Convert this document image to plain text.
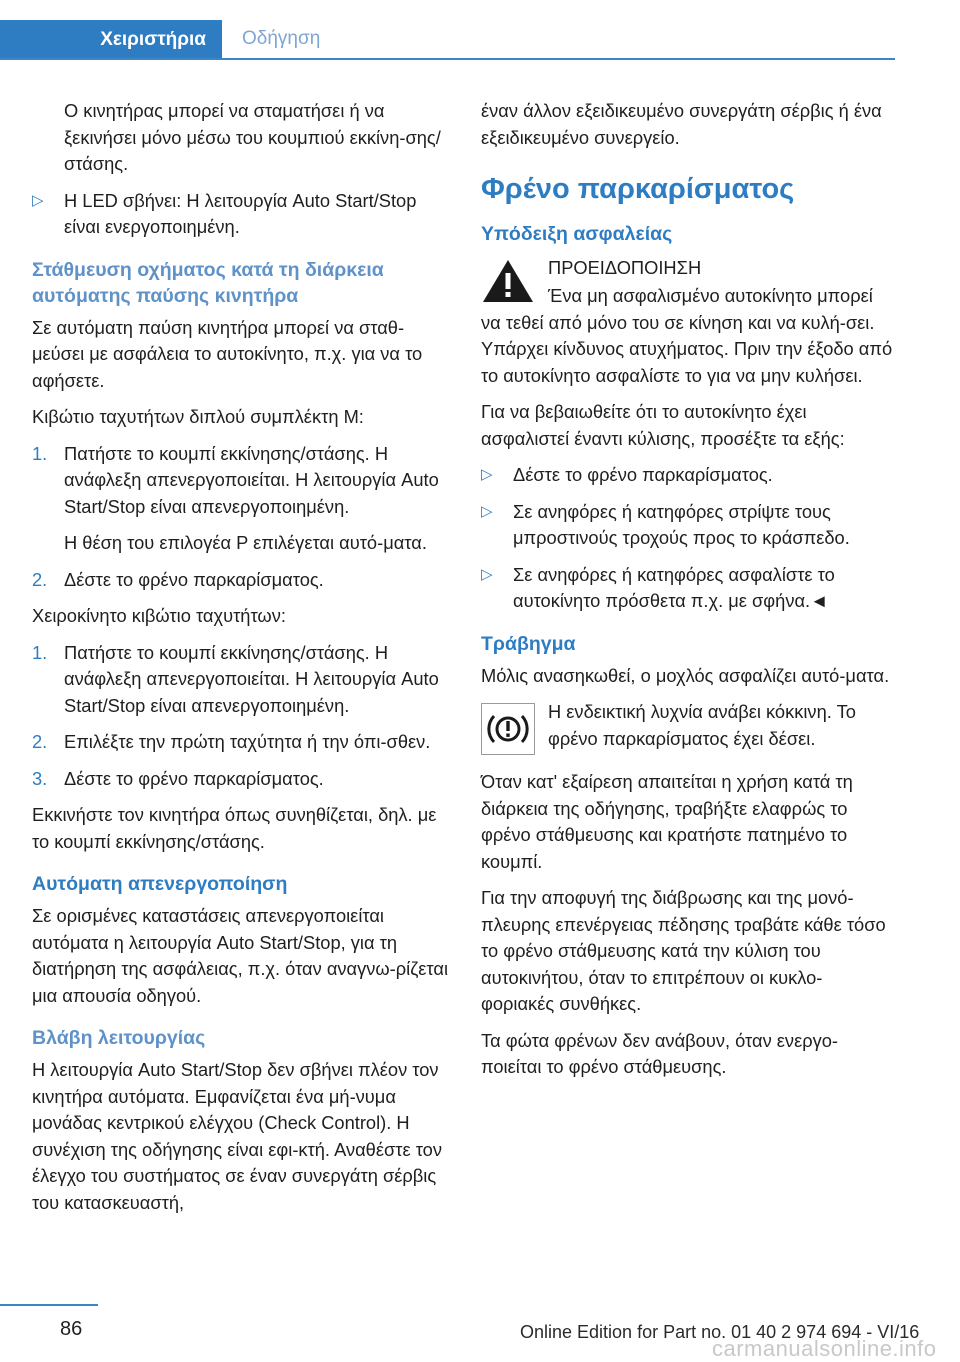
Χειριστήρια	Οδήγηση

Ο κινητήρας μπορεί να σταματήσει ή να ξεκινήσει μόνο μέσω του κουμπιού εκκίνη-σης/στάσης.

▷	Η LED σβήνει: Η λειτουργία Auto Start/Stop είναι ενεργοποιημένη.
Στάθμευση οχήματος κατά τη διάρκεια αυτόματης παύσης κινητήρα

Σε αυτόματη παύση κινητήρα μπορεί να σταθ-μεύσει με ασφάλεια το αυτοκίνητο, π.χ. για να το αφήσετε.

Κιβώτιο ταχυτήτων διπλού συμπλέκτη M:

1. Πατήστε το κουμπί εκκίνησης/στάσης. Η ανάφλεξη απενεργοποιείται. Η λειτουργία Auto Start/Stop είναι απενεργοποιημένη.

Η θέση του επιλογέα P επιλέγεται αυτό-ματα.

2. Δέστε το φρένο παρκαρίσματος.

Χειροκίνητο κιβώτιο ταχυτήτων:

1. Πατήστε το κουμπί εκκίνησης/στάσης. Η ανάφλεξη απενεργοποιείται. Η λειτουργία Auto Start/Stop είναι απενεργοποιημένη.
2. Επιλέξτε την πρώτη ταχύτητα ή την όπι-σθεν.
3. Δέστε το φρένο παρκαρίσματος.

Εκκινήστε τον κινητήρα όπως συνηθίζεται, δηλ. με το κουμπί εκκίνησης/στάσης.

Αυτόματη απενεργοποίηση

Σε ορισμένες καταστάσεις απενεργοποιείται αυτόματα η λειτουργία Auto Start/Stop, για τη διατήρηση της ασφάλειας, π.χ. όταν αναγνω-ρίζεται μια απουσία οδηγού.

Βλάβη λειτουργίας

Η λειτουργία Auto Start/Stop δεν σβήνει πλέον τον κινητήρα αυτόματα. Εμφανίζεται ένα μή-νυμα μονάδας κεντρικού ελέγχου (Check Control). Η συνέχιση της οδήγησης είναι εφι-κτή. Αναθέστε τον έλεγχο του συστήματος σε έναν συνεργάτη σέρβις του κατασκευαστή,

έναν άλλον εξειδικευμένο συνεργάτη σέρβις ή ένα εξειδικευμένο συνεργείο.

Φρένο παρκαρίσματος
Υπόδειξη ασφαλείας
ΠΡΟΕΙΔΟΠΟΙΗΣΗ

Ένα μη ασφαλισμένο αυτοκίνητο μπορεί να τεθεί από μόνο του σε κίνηση και να κυλή-σει. Υπάρχει κίνδυνος ατυχήματος. Πριν την έξοδο από το αυτοκίνητο ασφαλίστε το για να μην κυλήσει.

Για να βεβαιωθείτε ότι το αυτοκίνητο έχει ασφαλιστεί έναντι κύλισης, προσέξτε τα εξής:

▷	Δέστε το φρένο παρκαρίσματος.
▷	Σε ανηφόρες ή κατηφόρες στρίψτε τους μπροστινούς τροχούς προς το κράσπεδο.
▷	Σε ανηφόρες ή κατηφόρες ασφαλίστε το αυτοκίνητο πρόσθετα π.χ. με σφήνα.◄
Τράβηγμα

Μόλις ανασηκωθεί, ο μοχλός ασφαλίζει αυτό-ματα.

Η ενδεικτική λυχνία ανάβει κόκκινη. Το φρένο παρκαρίσματος έχει δέσει.

Όταν κατ' εξαίρεση απαιτείται η χρήση κατά τη διάρκεια της οδήγησης, τραβήξτε ελαφρώς το φρένο στάθμευσης και κρατήστε πατημένο το κουμπί.

Για την αποφυγή της διάβρωσης και της μονό-πλευρης επενέργειας πέδησης τραβάτε κάθε τόσο το φρένο στάθμευσης κατά την κύλιση του αυτοκινήτου, όταν το επιτρέπουν οι κυκλο-φοριακές συνθήκες.

Τα φώτα φρένων δεν ανάβουν, όταν ενεργο-ποιείται το φρένο στάθμευσης.

86	Online Edition for Part no. 01 40 2 974 694 - VI/16
carmanualsonline.info
